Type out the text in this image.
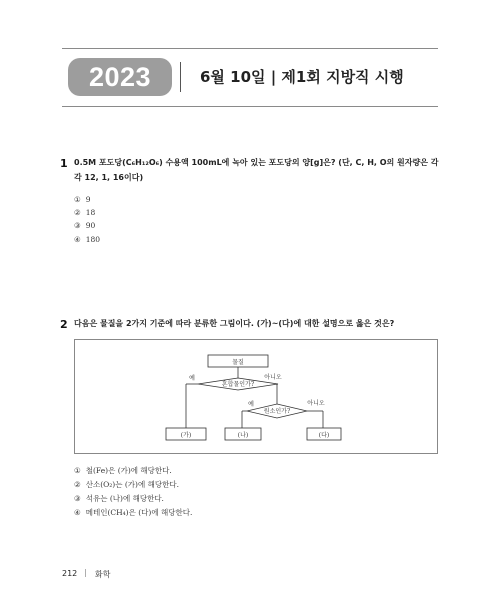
2023	6월 10일 | 제1회 지방직 시행
1 0.5M 포도당(C₆H₁₂O₆) 수용액 100mL에 녹아 있는 포도당의 양[g]은? (단, C, H, O의 원자량은 각각 12, 1, 16이다)
① 9
② 18
③ 90
④ 180
2 다음은 물질을 2가지 기준에 따라 분류한 그림이다. (가)~(다)에 대한 설명으로 옳은 것은?
물질
혼합물인가?
원소인가?
예	아니오
예	아니오
(가)	(나)	(다)
① 철(Fe)은 (가)에 해당한다.
② 산소(O₂)는 (가)에 해당한다.
③ 석유는 (나)에 해당한다.
④ 메테인(CH₄)은 (다)에 해당한다.
212 | 화학
